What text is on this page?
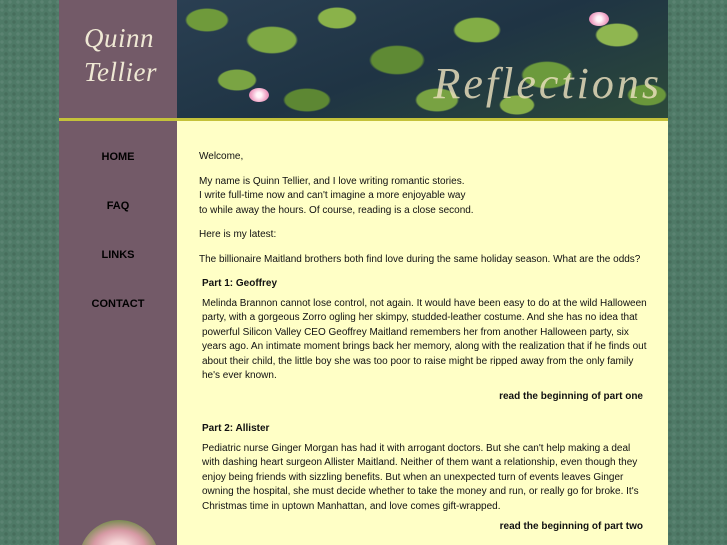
Quinn
Tellier
HOME
FAQ
LINKS
CONTACT
Reflections

Welcome,

My name is Quinn Tellier, and I love writing romantic stories.

I write full-time now and can't imagine a more enjoyable way

to while away the hours. Of course, reading is a close second.

Here is my latest:

The billionaire Maitland brothers both find love during the same holiday season. What are the odds?

Part 1: Geoffrey

Melinda Brannon cannot lose control, not again. It would have been easy to do at the wild Halloween party, with a gorgeous Zorro ogling her skimpy, studded-leather costume. And she has no idea that powerful Silicon Valley CEO Geoffrey Maitland remembers her from another Halloween party, six years ago. An intimate moment brings back her memory, along with the realization that if he finds out about their child, the little boy she was too poor to raise might be ripped away from the only family he's ever known.

read the beginning of part one

Part 2: Allister

Pediatric nurse Ginger Morgan has had it with arrogant doctors. But she can't help making a deal with dashing heart surgeon Allister Maitland. Neither of them want a relationship, even though they enjoy being friends with sizzling benefits. But when an unexpected turn of events leaves Ginger owning the hospital, she must decide whether to take the money and run, or really go for broke. It's Christmas time in uptown Manhattan, and love comes gift-wrapped.

read the beginning of part two
